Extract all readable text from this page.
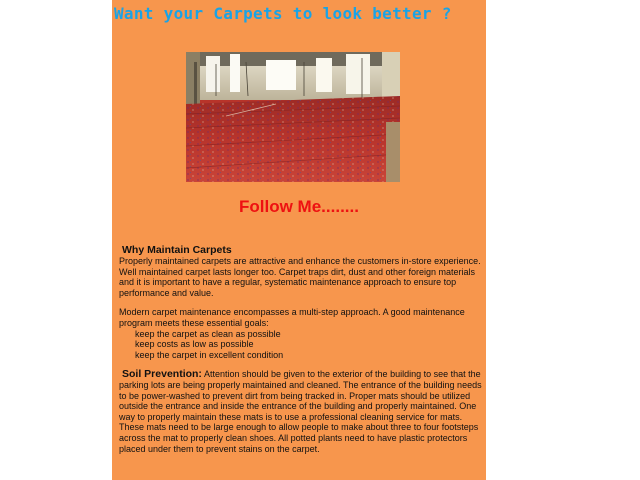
Want your Carpets to look better ?
Follow Me........
Why Maintain Carpets

Properly maintained carpets are attractive and enhance the customers in-store experience. Well maintained carpet lasts longer too. Carpet traps dirt, dust and other foreign materials and it is important to have a regular, systematic maintenance approach to ensure top performance and value.

Modern carpet maintenance encompasses a multi-step approach. A good maintenance program meets these essential goals:

keep the carpet as clean as possible
keep costs as low as possible
keep the carpet in excellent condition

Soil Prevention: Attention should be given to the exterior of the building to see that the parking lots are being properly maintained and cleaned. The entrance of the building needs to be power-washed to prevent dirt from being tracked in. Proper mats should be utilized outside the entrance and inside the entrance of the building and properly maintained. One way to properly maintain these mats is to use a professional cleaning service for mats. These mats need to be large enough to allow people to make about three to four footsteps across the mat to properly clean shoes. All potted plants need to have plastic protectors placed under them to prevent stains on the carpet.
